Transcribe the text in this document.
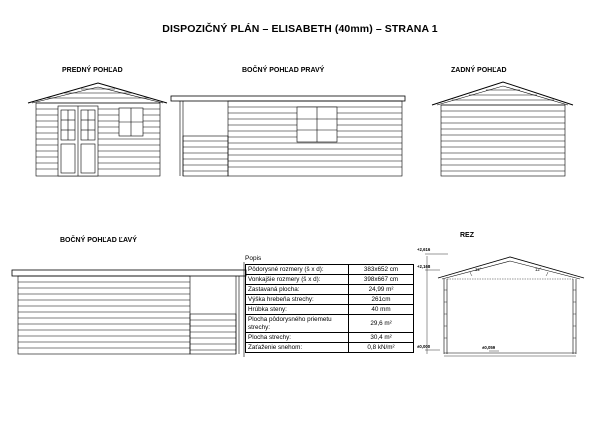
DISPOZIČNÝ PLÁN – ELISABETH (40mm) – STRANA 1
PREDNÝ POHĽAD	BOČNÝ POHĽAD PRAVÝ	ZADNÝ POHĽAD
BOČNÝ POHĽAD ĽAVÝ
REZ
Popis
Pôdorysné rozmery (š x d):	383x652 cm
Vonkajšie rozmery (š x d):	398x667 cm
Zastavaná plocha:	24,99 m²
Výška hrebeňa strechy:	261cm
Hrúbka steny:	40 mm
Plocha pôdorysného priemetu strechy:	29,6 m²
Plocha strechy:	30,4 m²
Zaťaženie snehom:	0,8 kN/m²
+2,616
+2,168
±0,000	±0,059
12°	12°
